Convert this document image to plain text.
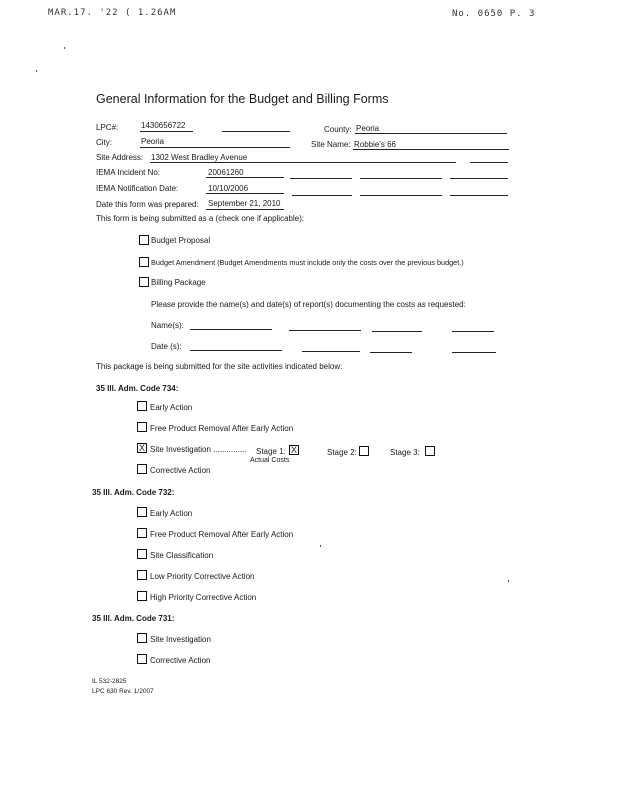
MAR.17. '22 ( 1.26AM	No. 0650 P. 3
General Information for the Budget and Billing Forms
LPC#:	1430656722	County: Peoria
City:	Peoria	Site Name: Robbie's 66
Site Address: 1302 West Bradley Avenue
IEMA Incident No:	20061260
IEMA Notification Date:	10/10/2006
Date this form was prepared: September 21, 2010
This form is being submitted as a (check one if applicable):
Budget Proposal
Budget Amendment (Budget Amendments must include only the costs over the previous budget.)
Billing Package
Please provide the name(s) and date(s) of report(s) documenting the costs as requested:
Name(s):
Date (s):
This package is being submitted for the site activities indicated below:
35 Ill. Adm. Code 734:
Early Action
Free Product Removal After Early Action
X Site Investigation ............... Stage 1: X
Actual Costs
Stage 2:	Stage 3:
Corrective Action
35 Ill. Adm. Code 732:
Early Action
Free Product Removal After Early Action
Site Classification
Low Priority Corrective Action
High Priority Corrective Action
35 Ill. Adm. Code 731:
Site Investigation
Corrective Action
IL 532-2825
LPC 630 Rev. 1/2007
